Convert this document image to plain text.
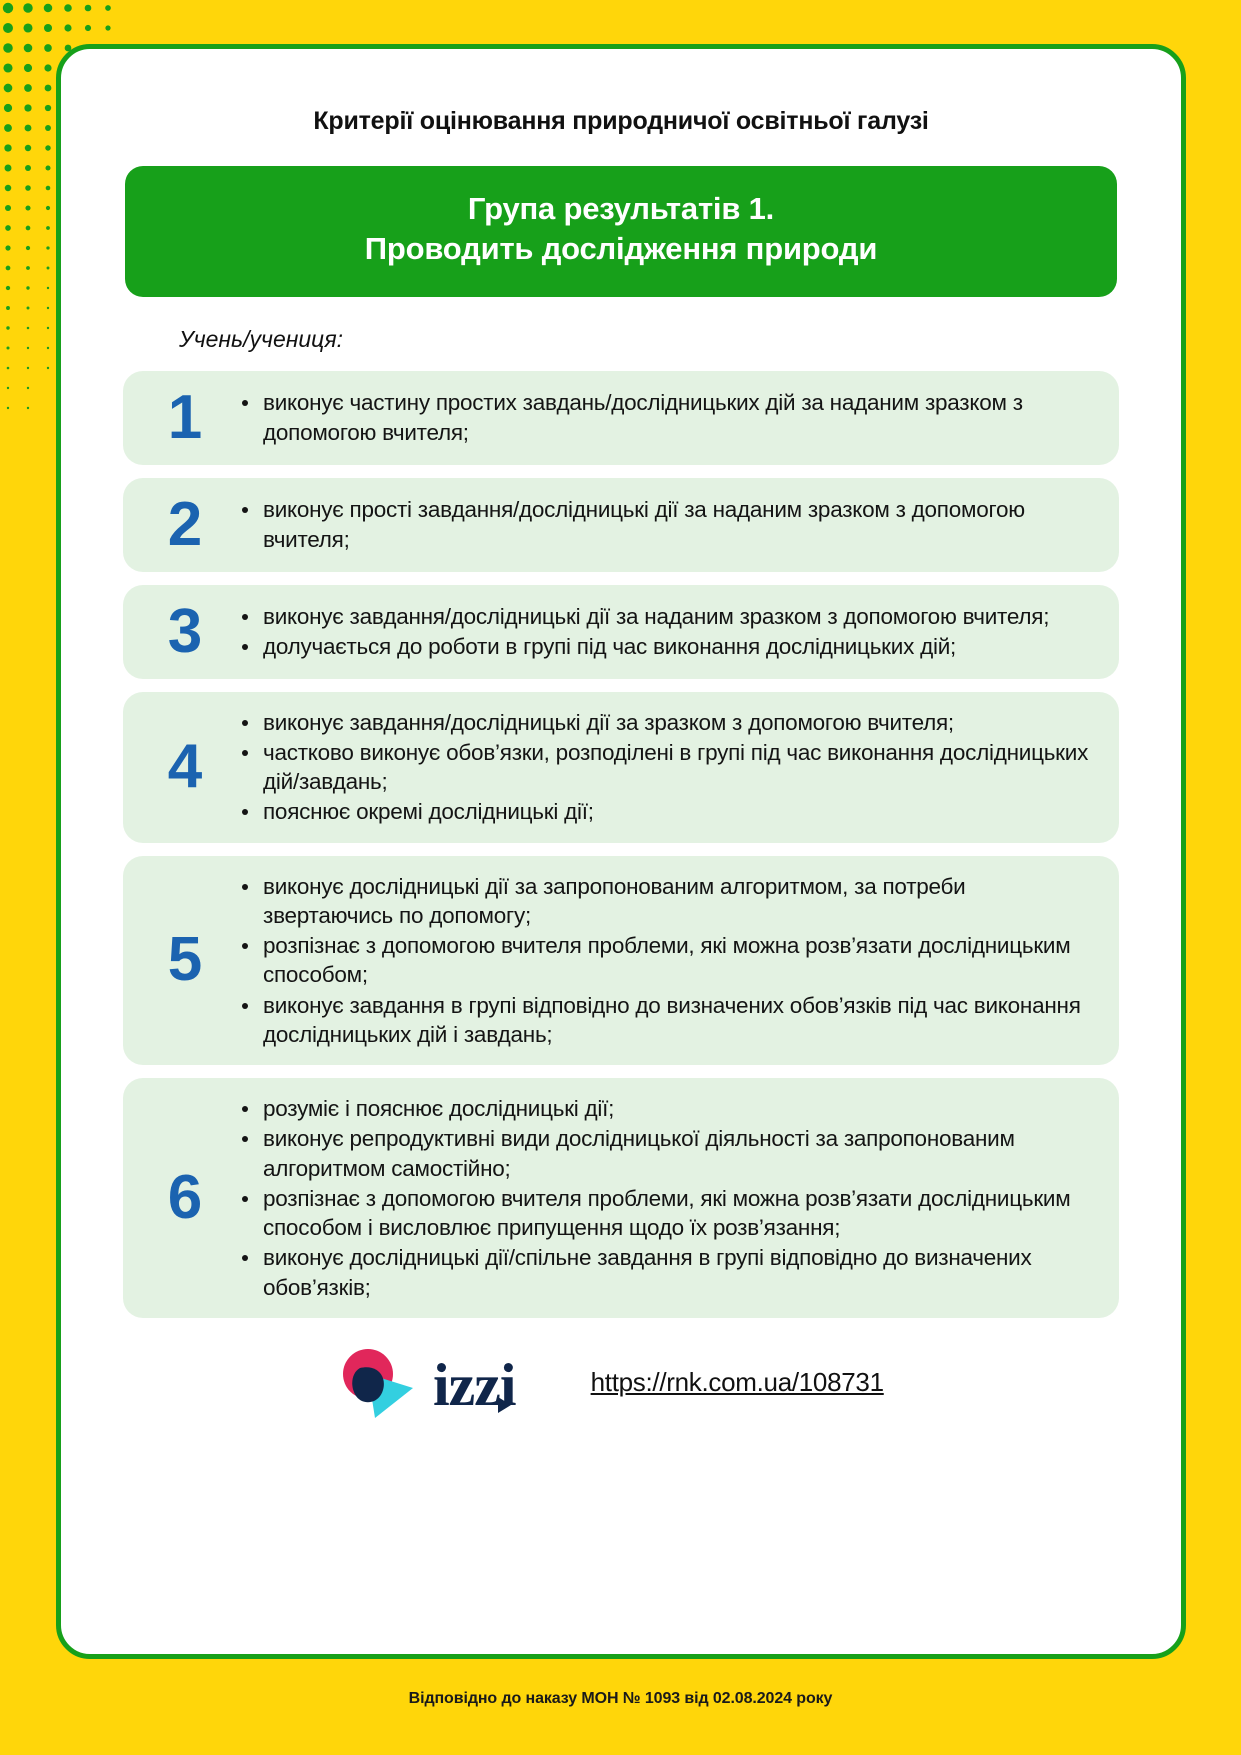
Критерії оцінювання природничої освітньої галузі
Група результатів 1.
Проводить дослідження природи
Учень/учениця:
1	виконує частину простих завдань/дослідницьких дій за наданим зразком з допомогою вчителя;
2	виконує прості завдання/дослідницькі дії за наданим зразком з допомогою вчителя;
3	виконує завдання/дослідницькі дії за наданим зразком з допомогою вчителя;
долучається до роботи в групі під час виконання дослідницьких дій;
4
виконує завдання/дослідницькі дії за зразком з допомогою вчителя;
частково виконує обов’язки, розподілені в групі під час виконання дослідницьких дій/завдань;
пояснює окремі дослідницькі дії;
5
виконує дослідницькі дії за запропонованим алгоритмом, за потреби звертаючись по допомогу;
розпізнає з допомогою вчителя проблеми, які можна розв’язати дослідницьким способом;
виконує завдання в групі відповідно до визначених обов’язків під час виконання дослідницьких дій і завдань;
6
розуміє і пояснює дослідницькі дії;
виконує репродуктивні види дослідницької діяльності за запропонованим алгоритмом самостійно;
розпізнає з допомогою вчителя проблеми, які можна розв’язати дослідницьким способом і висловлює припущення щодо їх розв’язання;
виконує дослідницькі дії/спільне завдання в групі відповідно до визначених обов’язків;
izzi	https://rnk.com.ua/108731
Відповідно до наказу МОН № 1093 від 02.08.2024 року
